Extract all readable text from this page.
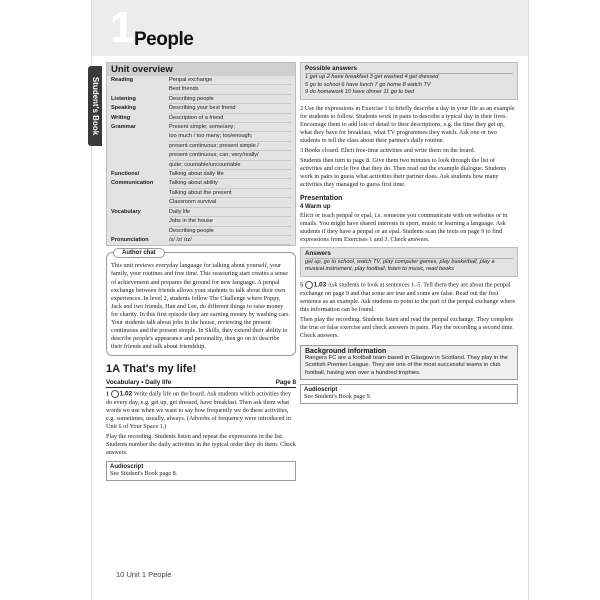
1 People
Student's Book
Unit overview
Reading	Penpal exchange
Best friends
Listening	Describing people
Speaking	Describing your best friend
Writing	Description of a friend
Grammar	Present simple; some/any;
too much / too many; too/enough;
present continuous; present simple /
present continuous; can; very/really/
quite; countable/uncountable
Functions/	Talking about daily life
Communication	Talking about ability
Talking about the present
Classroom survival
Vocabulary	Daily life
Jobs in the house
Describing people
Pronunciation	/s/ /z/ /ɪz/
Author chat
This unit reviews everyday language for talking about yourself, your family, your routines and free time. This reassuring start creates a sense of achievement and prepares the ground for new language. A penpal exchange between friends allows your students to talk about their own experiences. In level 2, students follow The Challenge where Poppy, Jack and two friends, Han and Lee, do different things to raise money for charity. In this first episode they are earning money by washing cars. Your students talk about jobs in the house, reviewing the present continuous and the present simple. In Skills, they extend their ability to describe people's appearance and personality, then go on to describe their friends and talk about friendship.
1A That's my life!
Vocabulary • Daily life	Page 8
1 1.02 Write daily life on the board. Ask students which activities they do every day, e.g. get up, get dressed, have breakfast. Then ask them what words we use when we want to say how frequently we do these activities, e.g. sometimes, usually, always. (Adverbs of frequency were introduced in Unit 6 of Your Space 1.)
Play the recording. Students listen and repeat the expressions in the list. Students number the daily activities in the typical order they do them. Check answers.
Audioscript
See Student's Book page 8.
Possible answers
1 get up 2 have breakfast 3 get washed 4 get dressed
5 go to school 6 have lunch 7 go home 8 watch TV
9 do homework 10 have dinner 11 go to bed
2 Use the expressions in Exercise 1 to briefly describe a day in your life as an example for students to follow. Students work in pairs to describe a typical day in their lives. Encourage them to add lots of detail to their descriptions, e.g. the time they get up, what they have for breakfast, what TV programmes they watch. Ask one or two students to tell the class about their partner's daily routine.
3 Books closed. Elicit free-time activities and write them on the board.
Students then turn to page 8. Give them two minutes to look through the list of activities and circle five that they do. Then read out the example dialogue. Students work in pairs to guess what activities their partner does. Ask students how many activities they managed to guess first time.
Presentation
4 Warm up
Elicit or teach penpal or epal, i.e. someone you communicate with on websites or in emails. You might have shared interests in sport, music or learning a language. Ask students if they have a penpal or an epal. Students scan the texts on page 9 to find expressions from Exercises 1 and 3. Check answers.
Answers
get up, go to school, watch TV, play computer games, play basketball, play a musical instrument, play football, listen to music, read books
5 1.03 Ask students to look at sentences 1–5. Tell them they are about the penpal exchange on page 9 and that some are true and some are false. Read out the first sentence as an example. Ask students to point to the part of the penpal exchange where this information can be found.
Then play the recording. Students listen and read the penpal exchange. They complete the true or false exercise and check answers in pairs. Play the recording a second time. Check answers.
Background information
Rangers FC are a football team based in Glasgow in Scotland. They play in the Scottish Premier League. They are one of the most successful teams in club football, having won over a hundred trophies.
Audioscript
See Student's Book page 9.
10 Unit 1 People
